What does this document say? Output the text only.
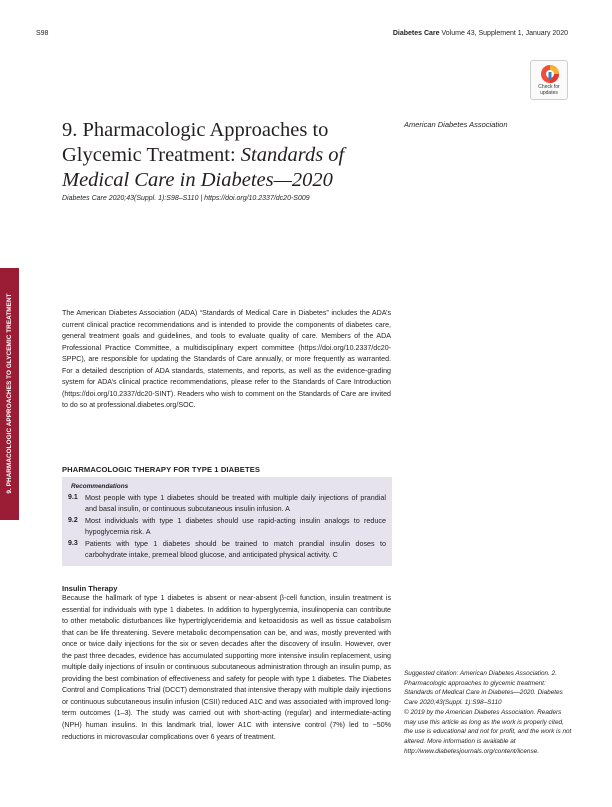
S98	Diabetes Care Volume 43, Supplement 1, January 2020
Check for
updates
9. PHARMACOLOGIC APPROACHES TO GLYCEMIC TREATMENT
9. Pharmacologic Approaches to
Glycemic Treatment: Standards of
Medical Care in Diabetes—2020
Diabetes Care 2020;43(Suppl. 1):S98–S110 | https://doi.org/10.2337/dc20-S009
American Diabetes Association
The American Diabetes Association (ADA) “Standards of Medical Care in Diabetes” includes the ADA’s current clinical practice recommendations and is intended to provide the components of diabetes care, general treatment goals and guidelines, and tools to evaluate quality of care. Members of the ADA Professional Practice Committee, a multidisciplinary expert committee (https://doi.org/10.2337/dc20-SPPC), are responsible for updating the Standards of Care annually, or more frequently as warranted. For a detailed description of ADA standards, statements, and reports, as well as the evidence-grading system for ADA’s clinical practice recommendations, please refer to the Standards of Care Introduction (https://doi.org/10.2337/dc20-SINT). Readers who wish to comment on the Standards of Care are invited to do so at professional.diabetes.org/SOC.
PHARMACOLOGIC THERAPY FOR TYPE 1 DIABETES
Recommendations
9.1	Most people with type 1 diabetes should be treated with multiple daily injections of prandial and basal insulin, or continuous subcutaneous insulin infusion. A
9.2	Most individuals with type 1 diabetes should use rapid-acting insulin analogs to reduce hypoglycemia risk. A
9.3	Patients with type 1 diabetes should be trained to match prandial insulin doses to carbohydrate intake, premeal blood glucose, and anticipated physical activity. C
Insulin Therapy
Because the hallmark of type 1 diabetes is absent or near-absent β-cell function, insulin treatment is essential for individuals with type 1 diabetes. In addition to hyperglycemia, insulinopenia can contribute to other metabolic disturbances like hypertriglyceridemia and ketoacidosis as well as tissue catabolism that can be life threatening. Severe metabolic decompensation can be, and was, mostly prevented with once or twice daily injections for the six or seven decades after the discovery of insulin. However, over the past three decades, evidence has accumulated supporting more intensive insulin replacement, using multiple daily injections of insulin or continuous subcutaneous administration through an insulin pump, as providing the best combination of effectiveness and safety for people with type 1 diabetes. The Diabetes Control and Complications Trial (DCCT) demonstrated that intensive therapy with multiple daily injections or continuous subcutaneous insulin infusion (CSII) reduced A1C and was associated with improved long-term outcomes (1–3). The study was carried out with short-acting (regular) and intermediate-acting (NPH) human insulins. In this landmark trial, lower A1C with intensive control (7%) led to ~50% reductions in microvascular complications over 6 years of treatment.

Suggested citation: American Diabetes Association. 2. Pharmacologic approaches to glycemic treatment: Standards of Medical Care in Diabetes—2020. Diabetes Care 2020;43(Suppl. 1):S98–S110

© 2019 by the American Diabetes Association. Readers may use this article as long as the work is properly cited, the use is educational and not for profit, and the work is not altered. More information is available at http://www.diabetesjournals.org/content/license.
